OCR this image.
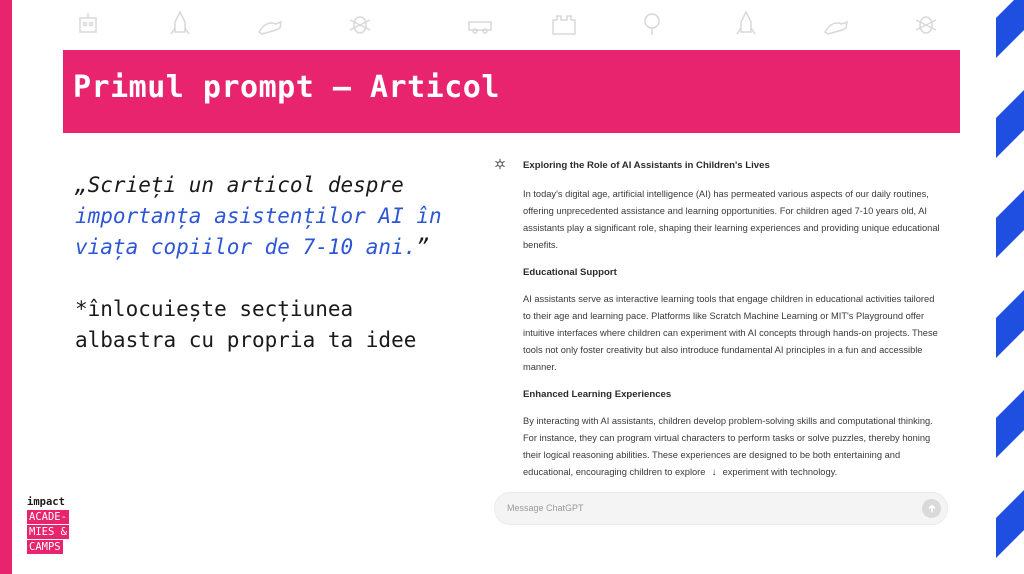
Primul prompt – Articol
„Scrieți un articol despre importanța asistenților AI în viața copiilor de 7-10 ani.”
*înlocuiește secțiunea albastra cu propria ta idee
Exploring the Role of AI Assistants in Children's Lives

In today's digital age, artificial intelligence (AI) has permeated various aspects of our daily routines, offering unprecedented assistance and learning opportunities. For children aged 7-10 years old, AI assistants play a significant role, shaping their learning experiences and providing unique educational benefits.

Educational Support

AI assistants serve as interactive learning tools that engage children in educational activities tailored to their age and learning pace. Platforms like Scratch Machine Learning or MIT's Playground offer intuitive interfaces where children can experiment with AI concepts through hands-on projects. These tools not only foster creativity but also introduce fundamental AI principles in a fun and accessible manner.

Enhanced Learning Experiences

By interacting with AI assistants, children develop problem-solving skills and computational thinking. For instance, they can program virtual characters to perform tasks or solve puzzles, thereby honing their logical reasoning abilities. These experiences are designed to be both entertaining and educational, encouraging children to explore ↓ experiment with technology.

Message ChatGPT
impact
ACADE-
MIES &
CAMPS
